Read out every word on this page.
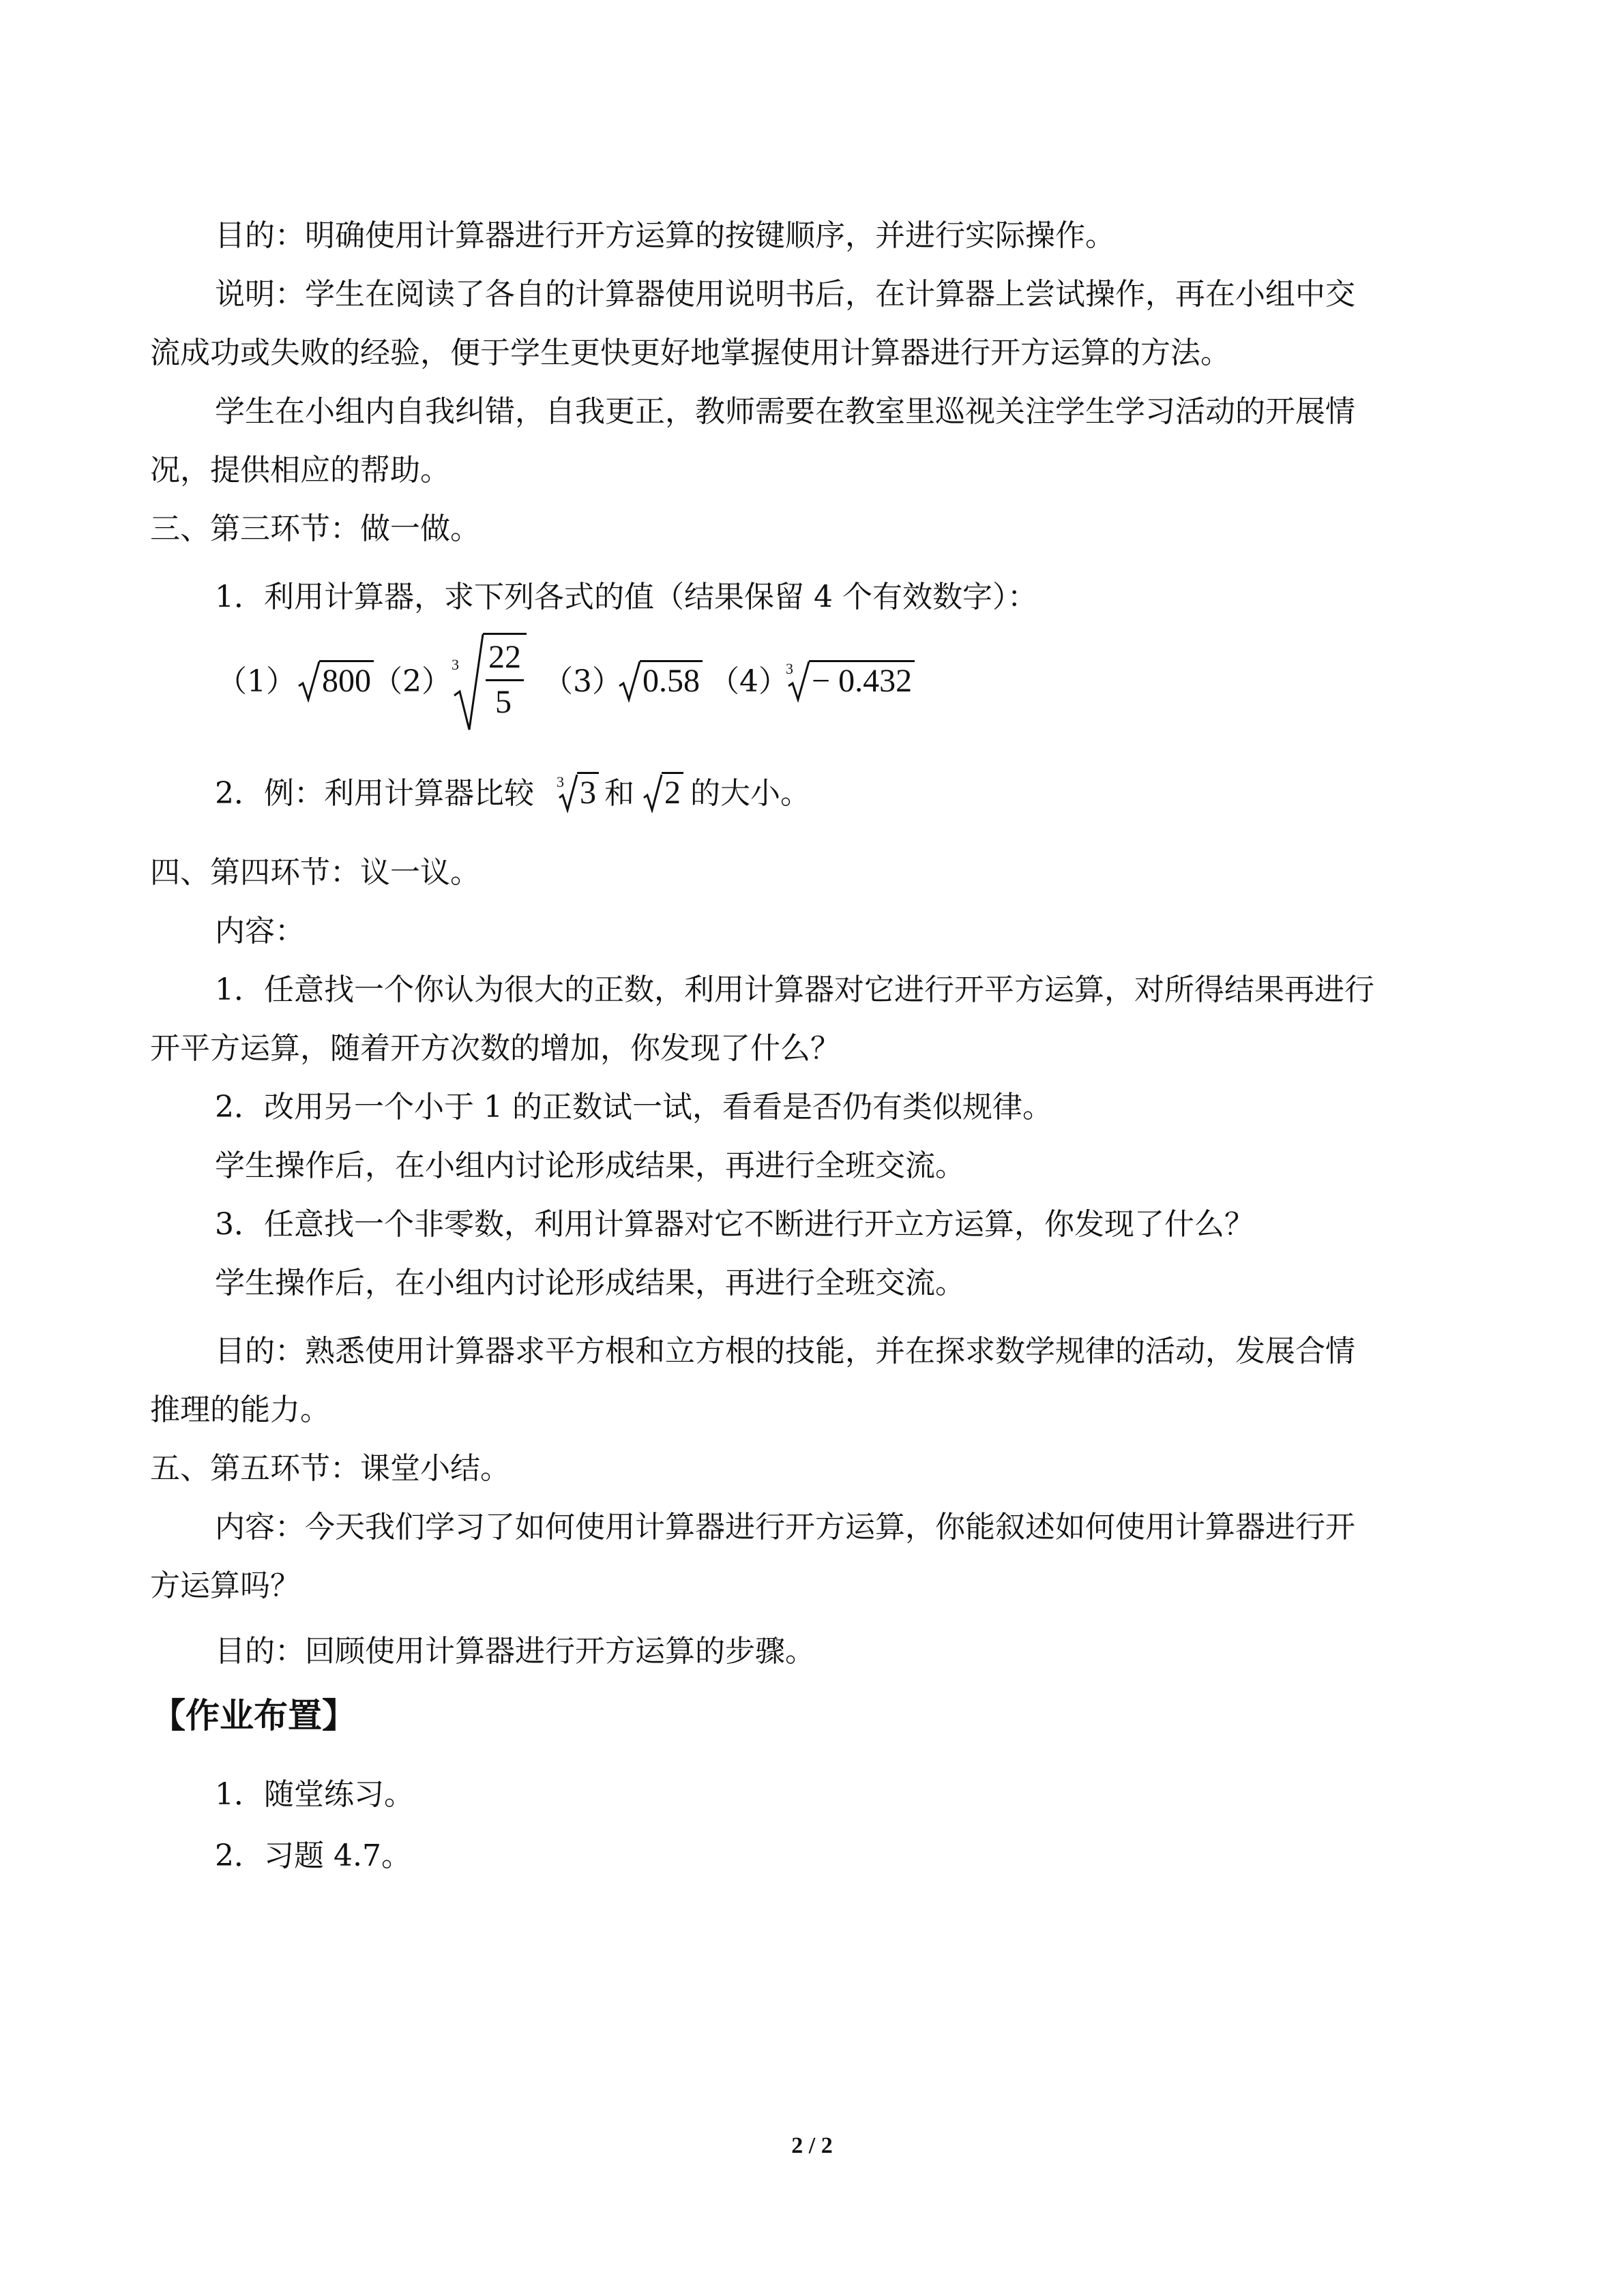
目的：明确使用计算器进行开方运算的按键顺序，并进行实际操作。
说明：学生在阅读了各自的计算器使用说明书后，在计算器上尝试操作，再在小组中交
流成功或失败的经验，便于学生更快更好地掌握使用计算器进行开方运算的方法。
学生在小组内自我纠错，自我更正，教师需要在教室里巡视关注学生学习活动的开展情
况，提供相应的帮助。
三、第三环节：做一做。
1．利用计算器，求下列各式的值（结果保留 4 个有效数字）：
（1） 800 （2） 3 22
5
（3） 0.58 （4）
3 − 0.432
2．例：利用计算器比较 3 3 和 2 的大小。
四、第四环节：议一议。
内容：
1．任意找一个你认为很大的正数，利用计算器对它进行开平方运算，对所得结果再进行
开平方运算，随着开方次数的增加，你发现了什么？
2．改用另一个小于 1 的正数试一试，看看是否仍有类似规律。
学生操作后，在小组内讨论形成结果，再进行全班交流。
3．任意找一个非零数，利用计算器对它不断进行开立方运算，你发现了什么？
学生操作后，在小组内讨论形成结果，再进行全班交流。
目的：熟悉使用计算器求平方根和立方根的技能，并在探求数学规律的活动，发展合情
推理的能力。
五、第五环节：课堂小结。
内容：今天我们学习了如何使用计算器进行开方运算，你能叙述如何使用计算器进行开
方运算吗？
目的：回顾使用计算器进行开方运算的步骤。
【作业布置】
1．随堂练习。
2．习题 4.7。
2 / 2
